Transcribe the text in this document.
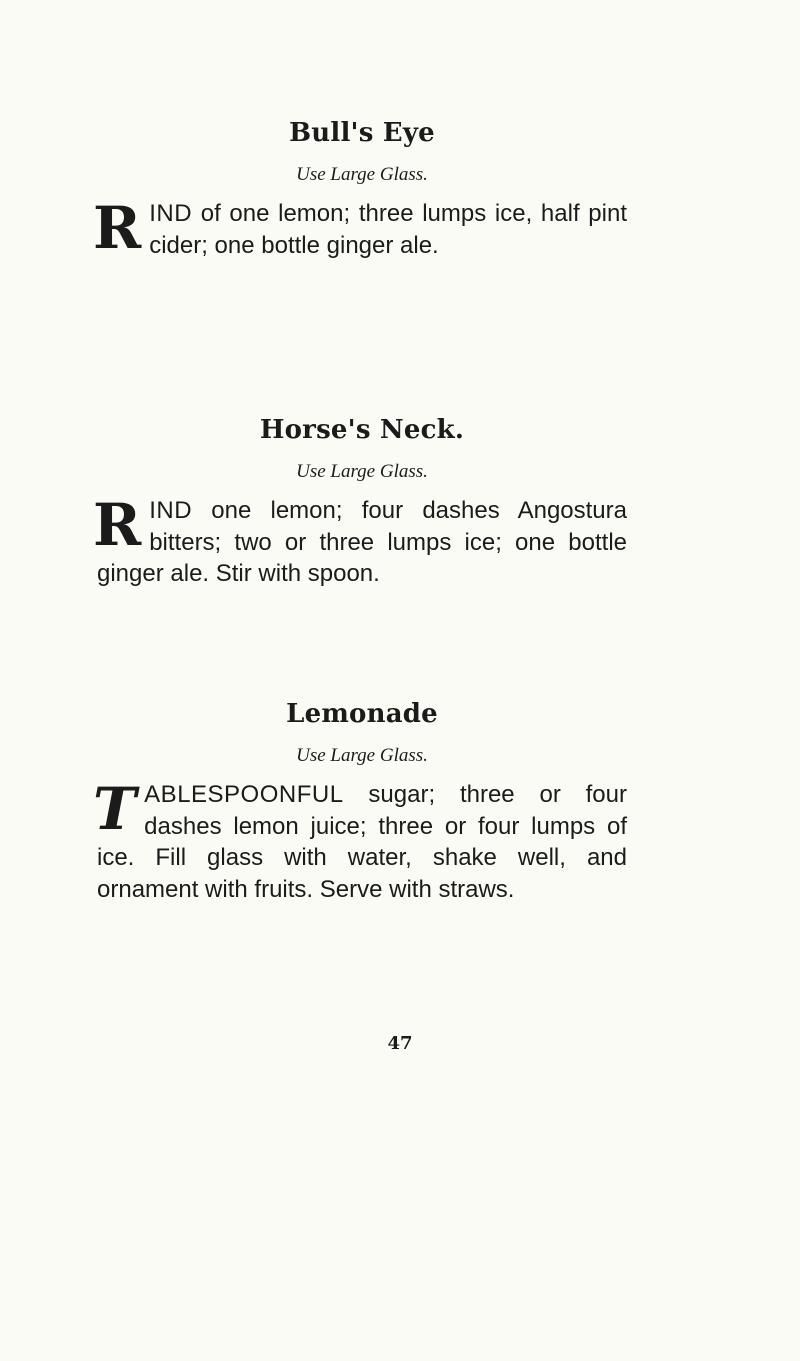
Bull's Eye

Use Large Glass.

RIND of one lemon; three lumps ice, half pint cider; one bottle ginger ale.

Horse's Neck.

Use Large Glass.

RIND one lemon; four dashes Angostura bitters; two or three lumps ice; one bottle ginger ale. Stir with spoon.

Lemonade

Use Large Glass.

TABLESPOONFUL sugar; three or four dashes lemon juice; three or four lumps of ice. Fill glass with water, shake well, and ornament with fruits. Serve with straws.

47
